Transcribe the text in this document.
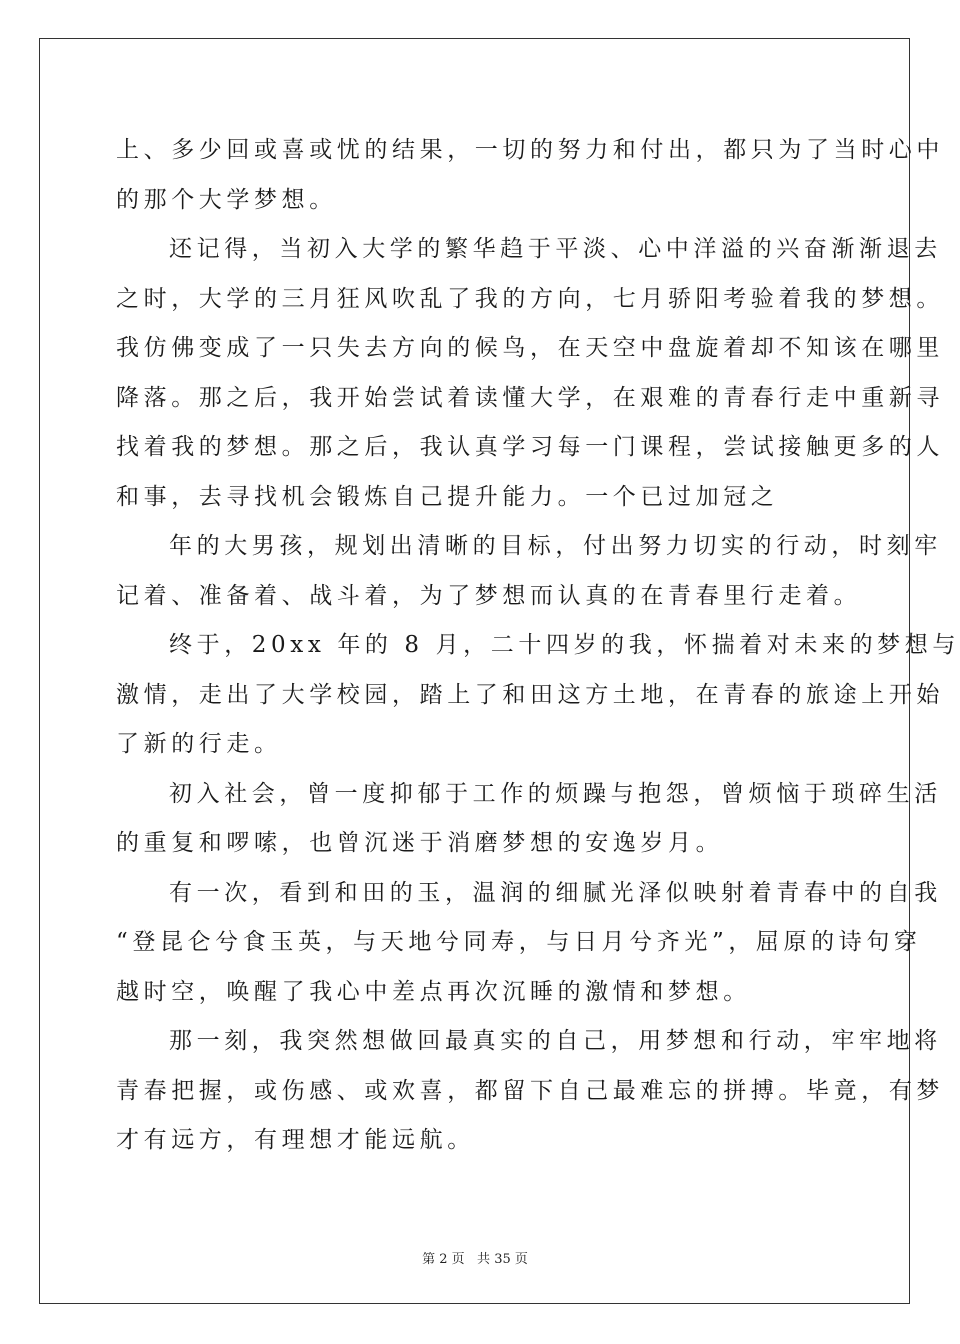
上、多少回或喜或忧的结果，一切的努力和付出，都只为了当时心中
的那个大学梦想。
还记得，当初入大学的繁华趋于平淡、心中洋溢的兴奋渐渐退去
之时，大学的三月狂风吹乱了我的方向，七月骄阳考验着我的梦想。
我仿佛变成了一只失去方向的候鸟，在天空中盘旋着却不知该在哪里
降落。那之后，我开始尝试着读懂大学，在艰难的青春行走中重新寻
找着我的梦想。那之后，我认真学习每一门课程，尝试接触更多的人
和事，去寻找机会锻炼自己提升能力。一个已过加冠之
年的大男孩，规划出清晰的目标，付出努力切实的行动，时刻牢
记着、准备着、战斗着，为了梦想而认真的在青春里行走着。
终于，20xx 年的 8 月，二十四岁的我，怀揣着对未来的梦想与
激情，走出了大学校园，踏上了和田这方土地，在青春的旅途上开始
了新的行走。
初入社会，曾一度抑郁于工作的烦躁与抱怨，曾烦恼于琐碎生活
的重复和啰嗦，也曾沉迷于消磨梦想的安逸岁月。
有一次，看到和田的玉，温润的细腻光泽似映射着青春中的自我
“登昆仑兮食玉英，与天地兮同寿，与日月兮齐光”，屈原的诗句穿
越时空，唤醒了我心中差点再次沉睡的激情和梦想。
那一刻，我突然想做回最真实的自己，用梦想和行动，牢牢地将
青春把握，或伤感、或欢喜，都留下自己最难忘的拼搏。毕竟，有梦
才有远方，有理想才能远航。
第 2 页   共 35 页
